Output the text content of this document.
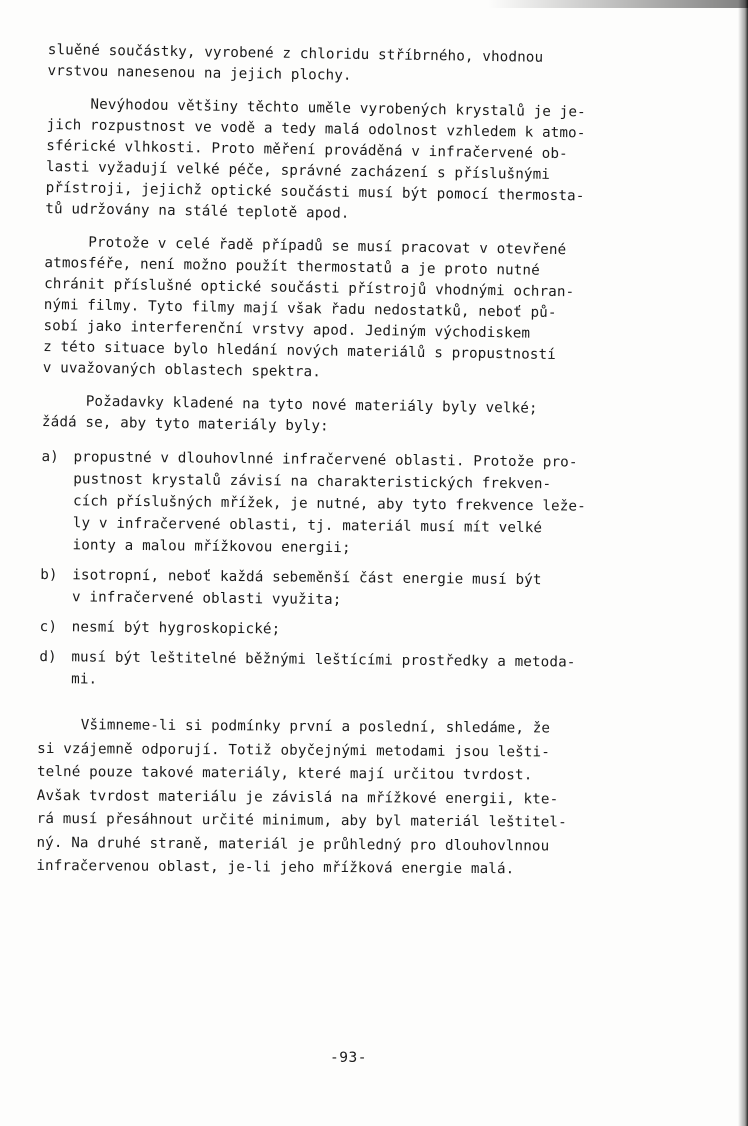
sluěné součástky, vyrobené z chloridu stříbrného, vhodnou
vrstvou nanesenou na jejich plochy.
Nevýhodou většiny těchto uměle vyrobených krystalů je je-
jich rozpustnost ve vodě a tedy malá odolnost vzhledem k atmo-
sférické vlhkosti. Proto měření prováděná v infračervené ob-
lasti vyžadují velké péče, správné zacházení s příslušnými
přístroji, jejichž optické součásti musí být pomocí thermosta-
tů udržovány na stálé teplotě apod.
Protože v celé řadě případů se musí pracovat v otevřené
atmosféře, není možno použít thermostatů a je proto nutné
chránit příslušné optické součásti přístrojů vhodnými ochran-
nými filmy. Tyto filmy mají však řadu nedostatků, neboť pů-
sobí jako interferenční vrstvy apod. Jediným východiskem
z této situace bylo hledání nových materiálů s propustností
v uvažovaných oblastech spektra.
Požadavky kladené na tyto nové materiály byly velké;
žádá se, aby tyto materiály byly:
a)	propustné v dlouhovlnné infračervené oblasti. Protože pro-
pustnost krystalů závisí na charakteristických frekven-
cích příslušných mřížek, je nutné, aby tyto frekvence leže-
ly v infračervené oblasti, tj. materiál musí mít velké
ionty a malou mřížkovou energii;
b)	isotropní, neboť každá sebeměnší část energie musí být
v infračervené oblasti využita;
c)	nesmí být hygroskopické;
d)	musí být leštitelné běžnými leštícími prostředky a metoda-
mi.
Všimneme-li si podmínky první a poslední, shledáme, že
si vzájemně odporují. Totiž obyčejnými metodami jsou lešti-
telné pouze takové materiály, které mají určitou tvrdost.
Avšak tvrdost materiálu je závislá na mřížkové energii, kte-
rá musí přesáhnout určité minimum, aby byl materiál leštitel-
ný. Na druhé straně, materiál je průhledný pro dlouhovlnnou
infračervenou oblast, je-li jeho mřížková energie malá.
-93-
